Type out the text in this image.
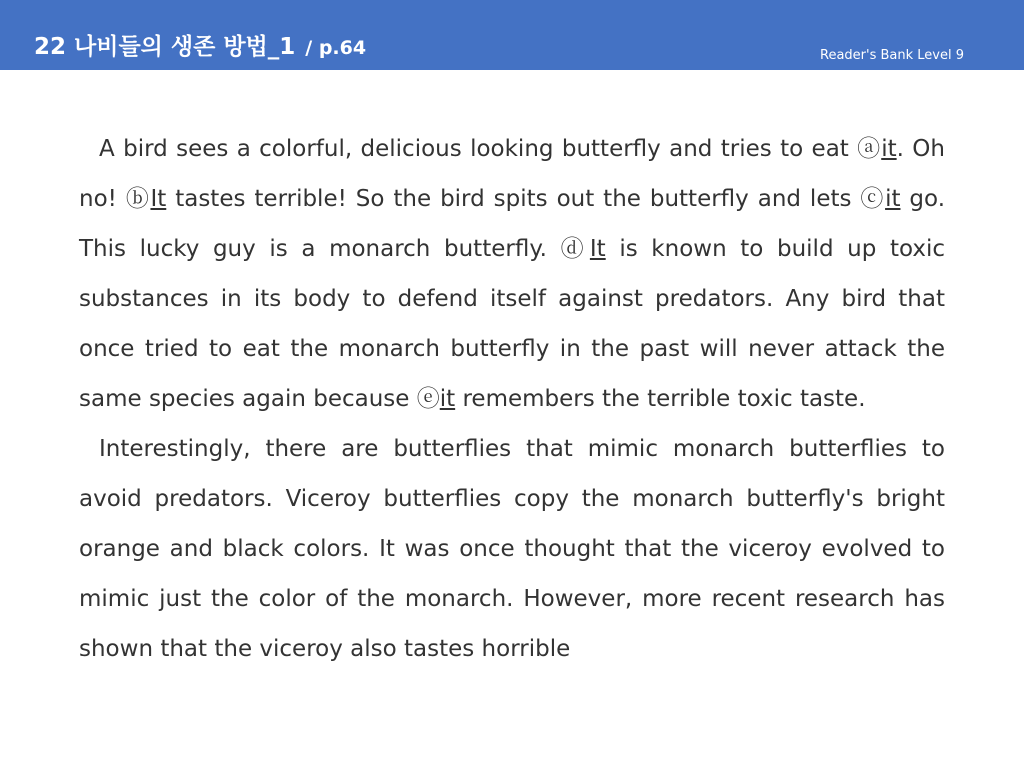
22 나비들의 생존 방법_1 / p.64	Reader's Bank Level 9

A bird sees a colorful, delicious looking butterfly and tries to eat ⓐit. Oh no! ⓑIt tastes terrible! So the bird spits out the butterfly and lets ⓒit go. This lucky guy is a monarch butterfly. ⓓIt is known to build up toxic substances in its body to defend itself against predators. Any bird that once tried to eat the monarch butterfly in the past will never attack the same species again because ⓔit remembers the terrible toxic taste.

Interestingly, there are butterflies that mimic monarch butterflies to avoid predators. Viceroy butterflies copy the monarch butterfly's bright orange and black colors. It was once thought that the viceroy evolved to mimic just the color of the monarch. However, more recent research has shown that the viceroy also tastes horrible
